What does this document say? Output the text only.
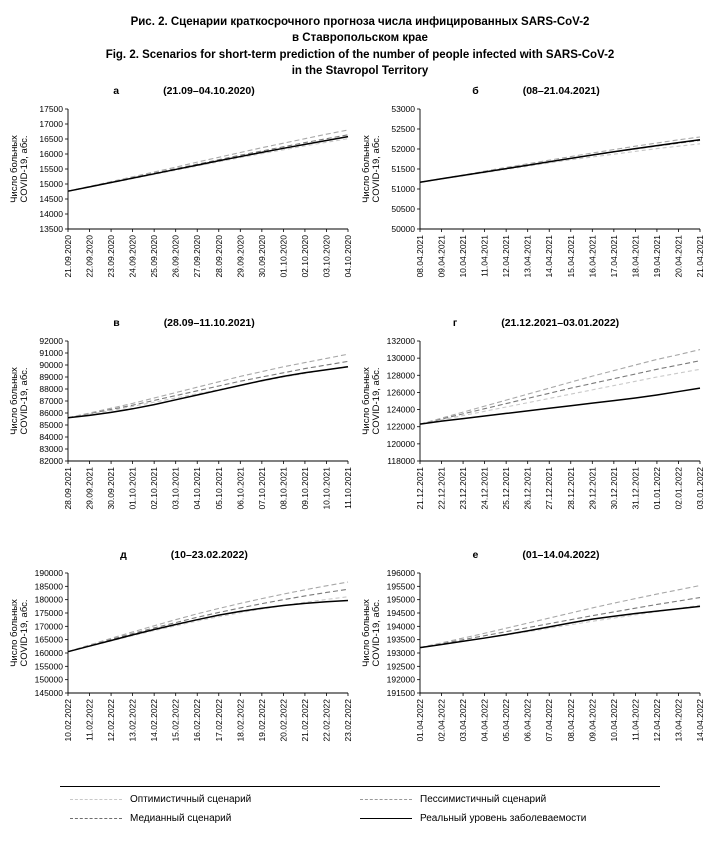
Рис. 2. Сценарии краткосрочного прогноза числа инфицированных SARS-CoV-2
в Ставропольском крае
Fig. 2. Scenarios for short-term prediction of the number of people infected with SARS-CoV-2
in the Stavropol Territory
а	(21.09–04.10.2020)
13500
14000
14500
15000
15500
16000
16500
17000
17500
21.09.2020 22.09.2020 23.09.2020 24.09.2020 25.09.2020 26.09.2020 27.09.2020 28.09.2020 29.09.2020 30.09.2020 01.10.2020 02.10.2020 03.10.2020 04.10.2020
Число больных
COVID-19, абс.
б	(08–21.04.2021)
50000
50500
51000
51500
52000
52500
53000
08.04.2021 09.04.2021 10.04.2021 11.04.2021 12.04.2021 13.04.2021 14.04.2021 15.04.2021 16.04.2021 17.04.2021 18.04.2021 19.04.2021 20.04.2021 21.04.2021
Число больных
COVID-19, абс.
в	(28.09–11.10.2021)
82000
83000
84000
85000
86000
87000
88000
89000
90000
91000
92000
28.09.2021 29.09.2021 30.09.2021 01.10.2021 02.10.2021 03.10.2021 04.10.2021 05.10.2021 06.10.2021 07.10.2021 08.10.2021 09.10.2021 10.10.2021 11.10.2021
Число больных
COVID-19, абс.
г	(21.12.2021–03.01.2022)
118000
120000
122000
124000
126000
128000
130000
132000
21.12.2021 22.12.2021 23.12.2021 24.12.2021 25.12.2021 26.12.2021 27.12.2021 28.12.2021 29.12.2021 30.12.2021 31.12.2021 01.01.2022 02.01.2022 03.01.2022
Число больных
COVID-19, абс.
д	(10–23.02.2022)
145000
150000
155000
160000
165000
170000
175000
180000
185000
190000
10.02.2022 11.02.2022 12.02.2022 13.02.2022 14.02.2022 15.02.2022 16.02.2022 17.02.2022 18.02.2022 19.02.2022 20.02.2022 21.02.2022 22.02.2022 23.02.2022
Число больных
COVID-19, абс.
е	(01–14.04.2022)
191500
192000
192500
193000
193500
194000
194500
195000
195500
196000
01.04.2022 02.04.2022 03.04.2022 04.04.2022 05.04.2022 06.04.2022 07.04.2022 08.04.2022 09.04.2022 10.04.2022 11.04.2022 12.04.2022 13.04.2022 14.04.2022
Число больных
COVID-19, абс.
Оптимистичный сценарий	Пессимистичный сценарий
Медианный сценарий	Реальный уровень заболеваемости
